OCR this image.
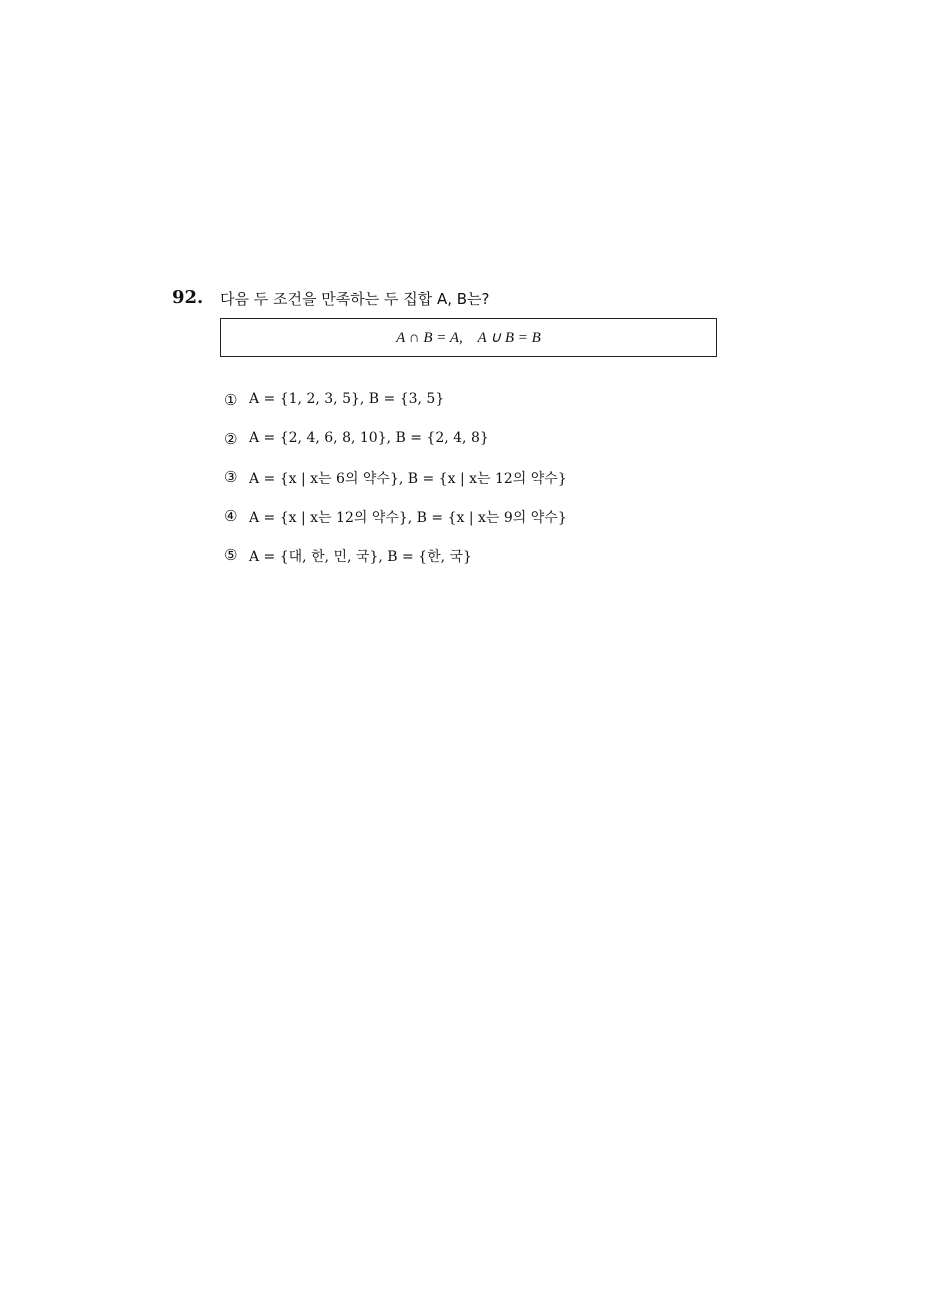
92. 다음 두 조건을 만족하는 두 집합 A, B는?
A ∩ B = A,    A ∪ B = B
① A = {1, 2, 3, 5}, B = {3, 5}
② A = {2, 4, 6, 8, 10}, B = {2, 4, 8}
③ A = {x | x는 6의 약수}, B = {x | x는 12의 약수}
④ A = {x | x는 12의 약수}, B = {x | x는 9의 약수}
⑤ A = {대, 한, 민, 국}, B = {한, 국}
